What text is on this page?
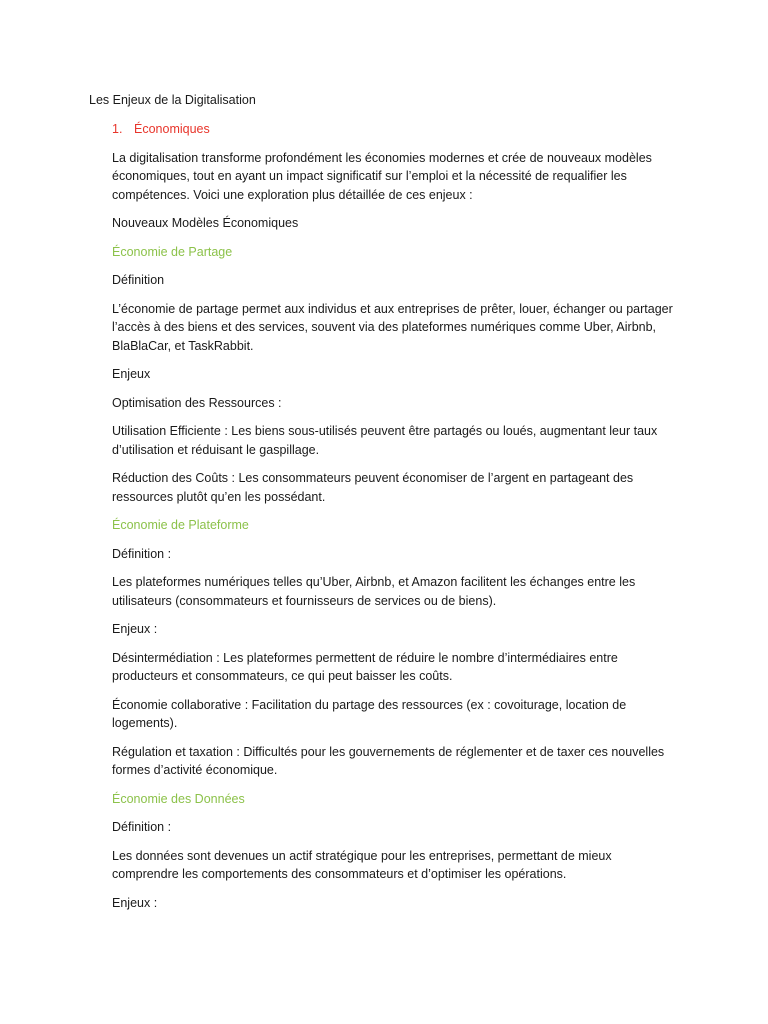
Les Enjeux de la Digitalisation
1. Économiques

La digitalisation transforme profondément les économies modernes et crée de nouveaux modèles économiques, tout en ayant un impact significatif sur l’emploi et la nécessité de requalifier les compétences. Voici une exploration plus détaillée de ces enjeux :

Nouveaux Modèles Économiques

Économie de Partage

Définition

L’économie de partage permet aux individus et aux entreprises de prêter, louer, échanger ou partager l’accès à des biens et des services, souvent via des plateformes numériques comme Uber, Airbnb, BlaBlaCar, et TaskRabbit.

Enjeux

Optimisation des Ressources :

Utilisation Efficiente : Les biens sous-utilisés peuvent être partagés ou loués, augmentant leur taux d’utilisation et réduisant le gaspillage.

Réduction des Coûts : Les consommateurs peuvent économiser de l’argent en partageant des ressources plutôt qu’en les possédant.

Économie de Plateforme

Définition :

Les plateformes numériques telles qu’Uber, Airbnb, et Amazon facilitent les échanges entre les utilisateurs (consommateurs et fournisseurs de services ou de biens).

Enjeux :

Désintermédiation : Les plateformes permettent de réduire le nombre d’intermédiaires entre producteurs et consommateurs, ce qui peut baisser les coûts.

Économie collaborative : Facilitation du partage des ressources (ex : covoiturage, location de logements).

Régulation et taxation : Difficultés pour les gouvernements de réglementer et de taxer ces nouvelles formes d’activité économique.

Économie des Données

Définition :

Les données sont devenues un actif stratégique pour les entreprises, permettant de mieux comprendre les comportements des consommateurs et d’optimiser les opérations.

Enjeux :
